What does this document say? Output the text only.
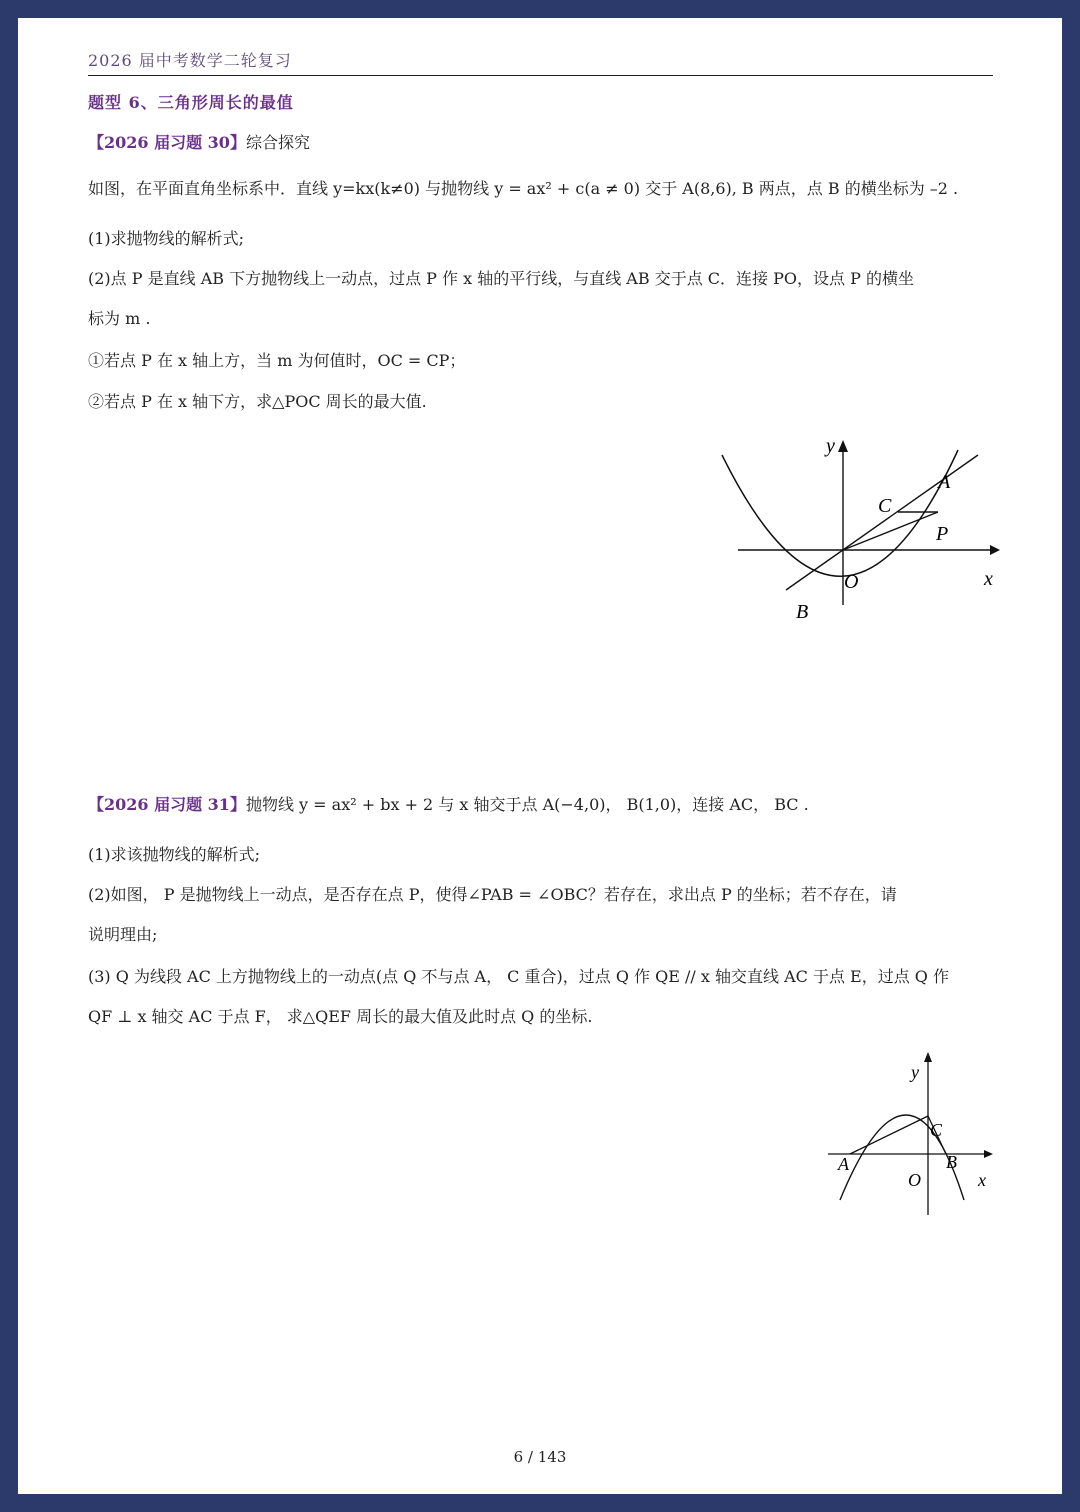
2026 届中考数学二轮复习
题型 6、三角形周长的最值
【2026 届习题 30】综合探究
如图，在平面直角坐标系中．直线 y=kx(k≠0) 与抛物线 y = ax² + c(a ≠ 0) 交于 A(8,6), B 两点，点 B 的横坐标为 –2 .
(1)求抛物线的解析式;
(2)点 P 是直线 AB 下方抛物线上一动点，过点 P 作 x 轴的平行线，与直线 AB 交于点 C．连接 PO，设点 P 的横坐
标为 m .
①若点 P 在 x 轴上方，当 m 为何值时，OC = CP；
②若点 P 在 x 轴下方，求△POC 周长的最大值.
y
x
A
B
C
P
O
【2026 届习题 31】抛物线 y = ax² + bx + 2 与 x 轴交于点 A(−4,0)， B(1,0)，连接 AC， BC .
(1)求该抛物线的解析式;
(2)如图， P 是抛物线上一动点，是否存在点 P，使得∠PAB = ∠OBC？若存在，求出点 P 的坐标；若不存在，请
说明理由;
(3) Q 为线段 AC 上方抛物线上的一动点(点 Q 不与点 A， C 重合)，过点 Q 作 QE // x 轴交直线 AC 于点 E，过点 Q 作
QF ⊥ x 轴交 AC 于点 F， 求△QEF 周长的最大值及此时点 Q 的坐标.
y
x
A	B
C
O
6 / 143
